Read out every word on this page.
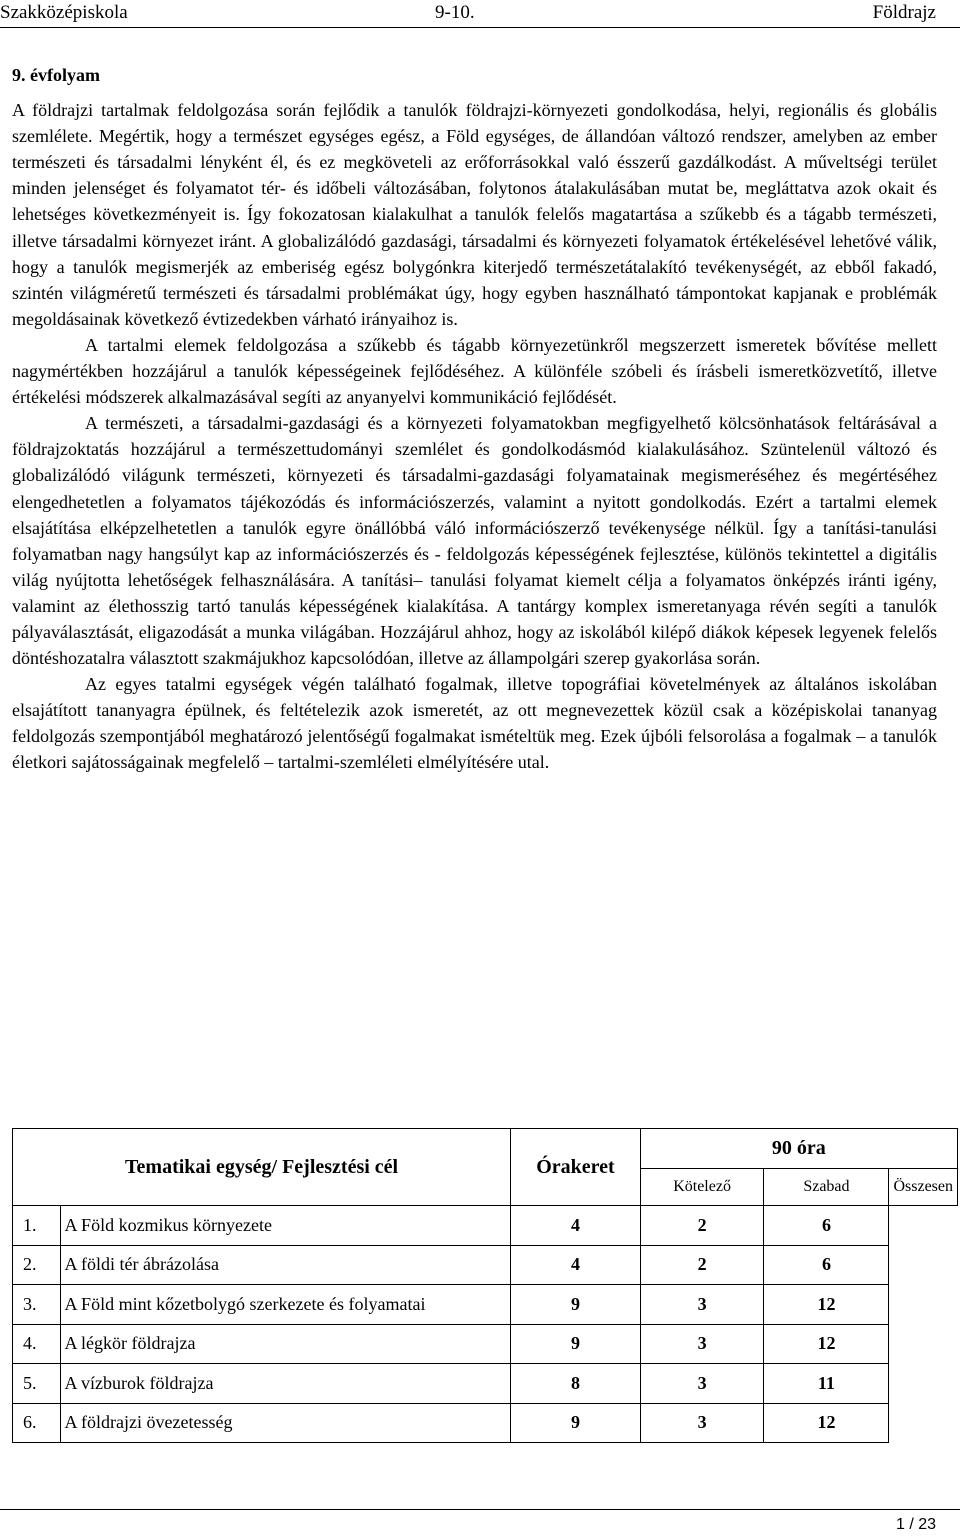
Szakközépiskola	9-10.	Földrajz
9. évfolyam

A földrajzi tartalmak feldolgozása során fejlődik a tanulók földrajzi-környezeti gondolkodása, helyi, regionális és globális szemlélete. Megértik, hogy a természet egységes egész, a Föld egységes, de állandóan változó rendszer, amelyben az ember természeti és társadalmi lényként él, és ez megköveteli az erőforrásokkal való ésszerű gazdálkodást. A műveltségi terület minden jelenséget és folyamatot tér- és időbeli változásában, folytonos átalakulásában mutat be, megláttatva azok okait és lehetséges következményeit is. Így fokozatosan kialakulhat a tanulók felelős magatartása a szűkebb és a tágabb természeti, illetve társadalmi környezet iránt. A globalizálódó gazdasági, társadalmi és környezeti folyamatok értékelésével lehetővé válik, hogy a tanulók megismerjék az emberiség egész bolygónkra kiterjedő természetátalakító tevékenységét, az ebből fakadó, szintén világméretű természeti és társadalmi problémákat úgy, hogy egyben használható támpontokat kapjanak e problémák megoldásainak következő évtizedekben várható irányaihoz is.

A tartalmi elemek feldolgozása a szűkebb és tágabb környezetünkről megszerzett ismeretek bővítése mellett nagymértékben hozzájárul a tanulók képességeinek fejlődéséhez. A különféle szóbeli és írásbeli ismeretközvetítő, illetve értékelési módszerek alkalmazásával segíti az anyanyelvi kommunikáció fejlődését.

A természeti, a társadalmi-gazdasági és a környezeti folyamatokban megfigyelhető kölcsönhatások feltárásával a földrajzoktatás hozzájárul a természettudományi szemlélet és gondolkodásmód kialakulásához. Szüntelenül változó és globalizálódó világunk természeti, környezeti és társadalmi-gazdasági folyamatainak megismeréséhez és megértéséhez elengedhetetlen a folyamatos tájékozódás és információszerzés, valamint a nyitott gondolkodás. Ezért a tartalmi elemek elsajátítása elképzelhetetlen a tanulók egyre önállóbbá váló információszerző tevékenysége nélkül. Így a tanítási-tanulási folyamatban nagy hangsúlyt kap az információszerzés és - feldolgozás képességének fejlesztése, különös tekintettel a digitális világ nyújtotta lehetőségek felhasználására. A tanítási– tanulási folyamat kiemelt célja a folyamatos önképzés iránti igény, valamint az élethosszig tartó tanulás képességének kialakítása. A tantárgy komplex ismeretanyaga révén segíti a tanulók pályaválasztását, eligazodását a munka világában. Hozzájárul ahhoz, hogy az iskolából kilépő diákok képesek legyenek felelős döntéshozatalra választott szakmájukhoz kapcsolódóan, illetve az állampolgári szerep gyakorlása során.

Az egyes tatalmi egységek végén található fogalmak, illetve topográfiai követelmények az általános iskolában elsajátított tananyagra épülnek, és feltételezik azok ismeretét, az ott megnevezettek közül csak a középiskolai tananyag feldolgozás szempontjából meghatározó jelentőségű fogalmakat ismételtük meg. Ezek újbóli felsorolása a fogalmak – a tanulók életkori sajátosságainak megfelelő – tartalmi-szemléleti elmélyítésére utal.

Tematikai egység/ Fejlesztési cél		Órakeret	90 óra		
			Kötelező	Szabad	Összesen
1.	A Föld kozmikus környezete	4	2	6	
2.	A földi tér ábrázolása	4	2	6	
3.	A Föld mint kőzetbolygó szerkezete és folyamatai	9	3	12	
4.	A légkör földrajza	9	3	12	
5.	A vízburok földrajza	8	3	11	
6.	A földrajzi övezetesség	9	3	12	
1 / 23
